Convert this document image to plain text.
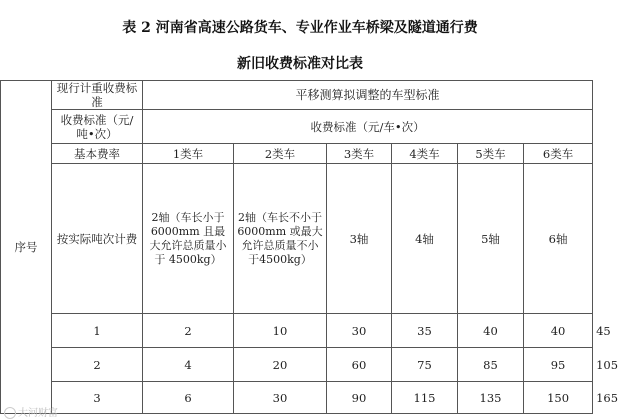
表 2 河南省高速公路货车、专业作业车桥梁及隧道通行费
新旧收费标准对比表
序号	现行计重收费标准	平移测算拟调整的车型标准						
	收费标准（元/吨•次）	收费标准（元/车•次）						
	基本费率	1类车	2类车	3类车	4类车	5类车	6类车	
	按实际吨次计费	2轴（车长小于6000mm 且最大允许总质量小于 4500kg）	2轴（车长不小于6000mm 或最大允许总质量不小于4500kg）	3轴	4轴	5轴	6轴	
	1	2	10	30	35	40	40	45
	2	4	20	60	75	85	95	105
	3	6	30	90	115	135	150	165
大河财富
